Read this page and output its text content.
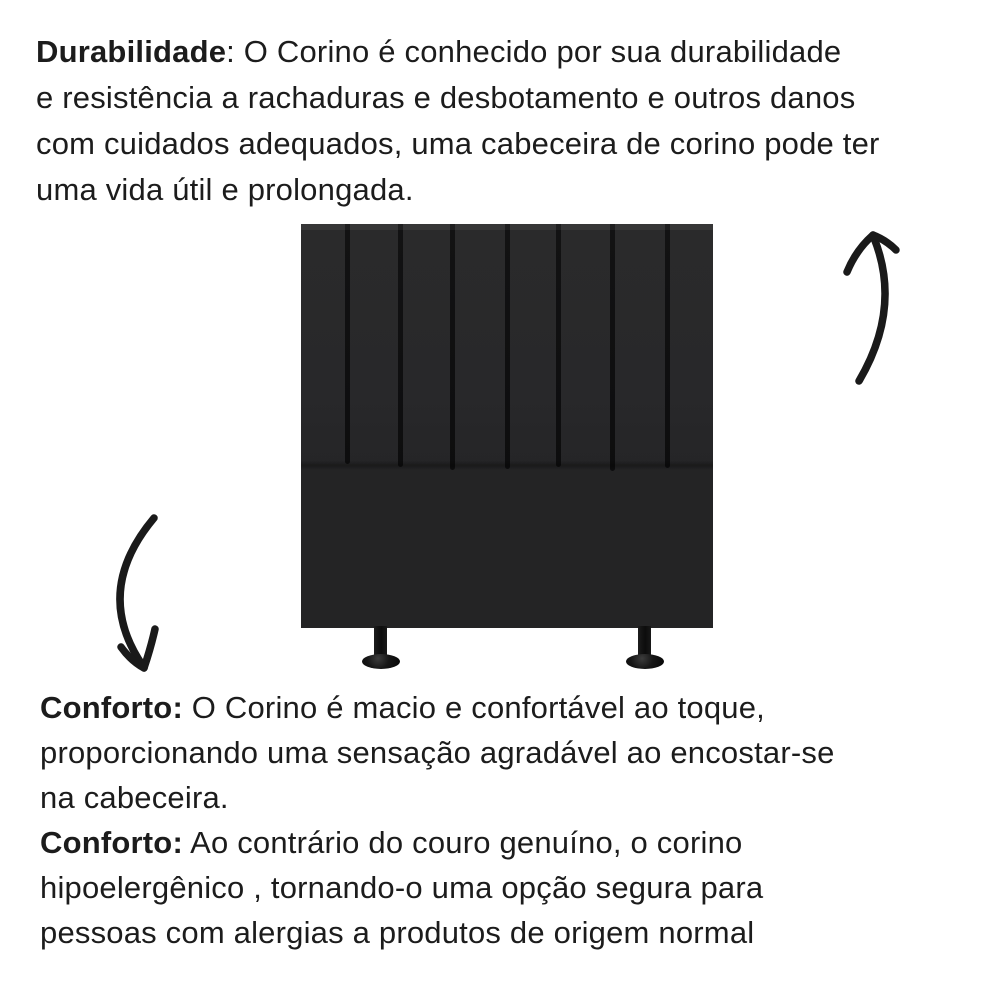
Durabilidade: O Corino é conhecido por sua durabilidade
e resistência a rachaduras e desbotamento e outros danos
com cuidados adequados, uma cabeceira de corino pode ter
uma vida útil e prolongada.
Conforto: O Corino é macio e confortável ao toque,
proporcionando uma sensação agradável ao encostar-se
na cabeceira.
Conforto: Ao contrário do couro genuíno, o corino
hipoelergênico , tornando-o uma opção segura para
pessoas com alergias a produtos de origem normal
